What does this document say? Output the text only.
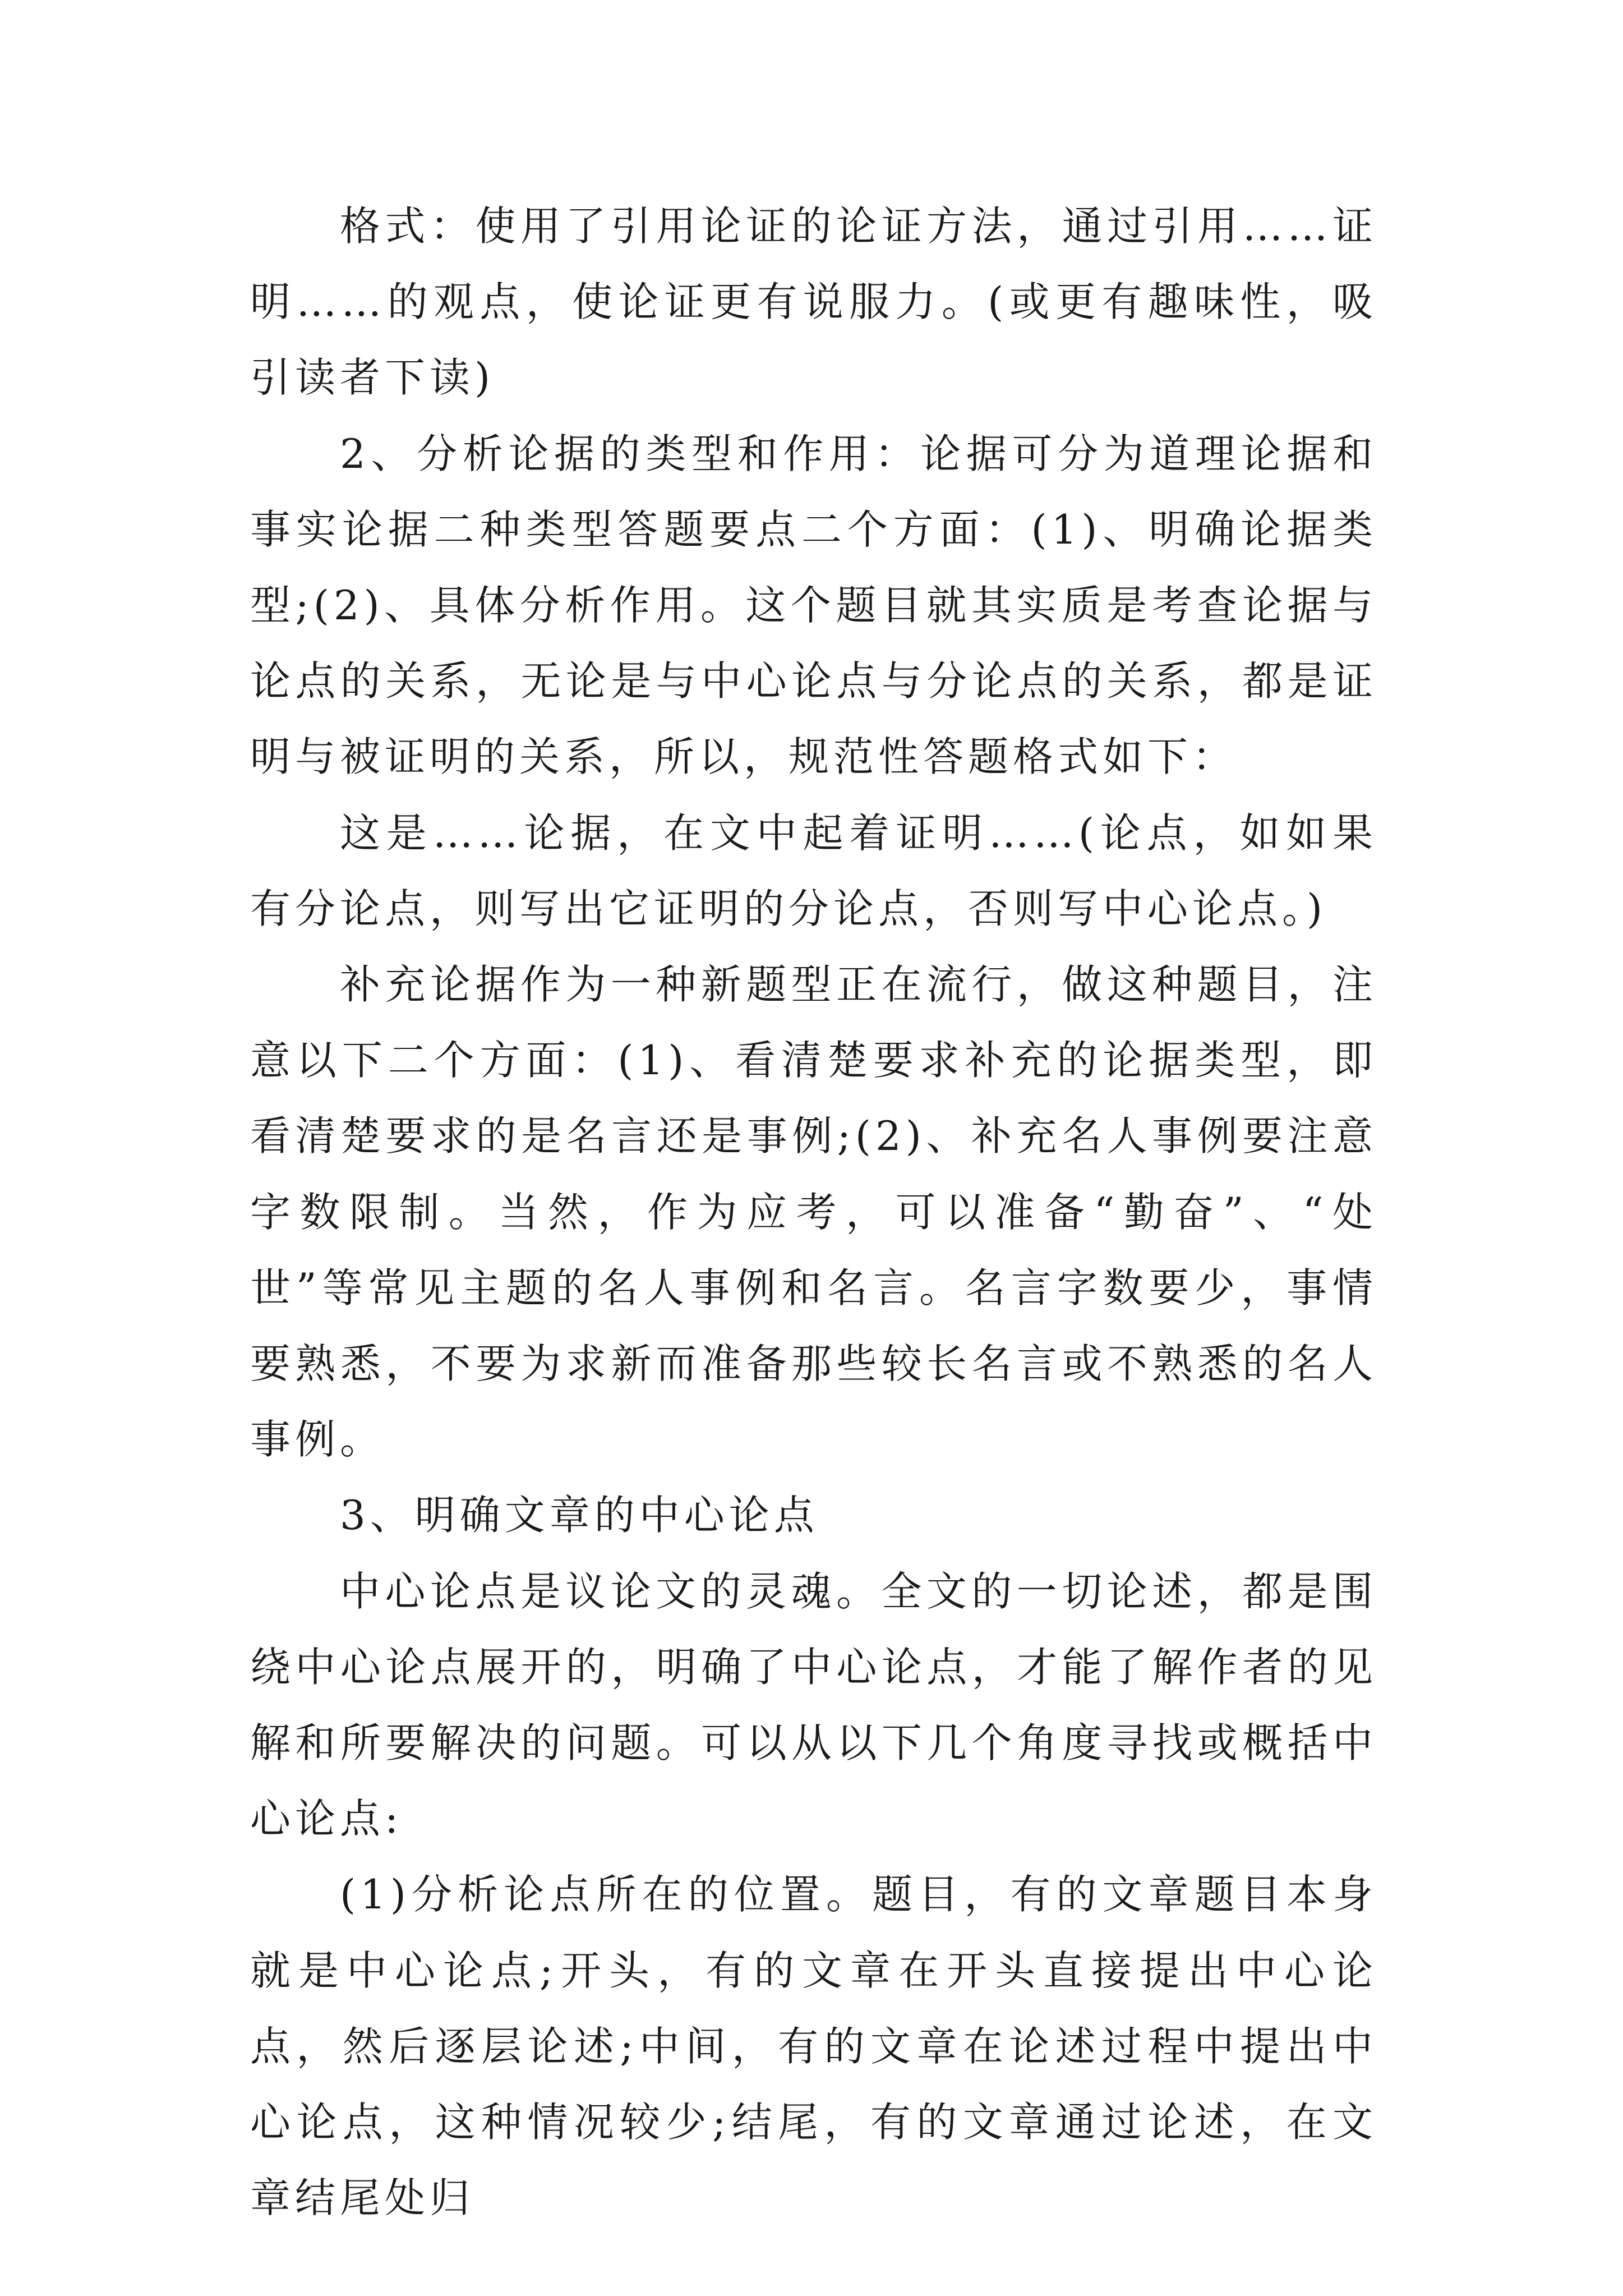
格式：使用了引用论证的论证方法，通过引用……证明……的观点，使论证更有说服力。(或更有趣味性，吸引读者下读)

2、分析论据的类型和作用：论据可分为道理论据和事实论据二种类型答题要点二个方面：(1)、明确论据类型;(2)、具体分析作用。这个题目就其实质是考查论据与论点的关系，无论是与中心论点与分论点的关系，都是证明与被证明的关系，所以，规范性答题格式如下：

这是……论据，在文中起着证明……(论点，如如果有分论点，则写出它证明的分论点，否则写中心论点。)

补充论据作为一种新题型正在流行，做这种题目，注意以下二个方面：(1)、看清楚要求补充的论据类型，即看清楚要求的是名言还是事例;(2)、补充名人事例要注意字数限制。当然，作为应考，可以准备“勤奋”、“处世”等常见主题的名人事例和名言。名言字数要少，事情要熟悉，不要为求新而准备那些较长名言或不熟悉的名人事例。

3、明确文章的中心论点

中心论点是议论文的灵魂。全文的一切论述，都是围绕中心论点展开的，明确了中心论点，才能了解作者的见解和所要解决的问题。可以从以下几个角度寻找或概括中心论点:

(1)分析论点所在的位置。题目，有的文章题目本身就是中心论点;开头，有的文章在开头直接提出中心论点，然后逐层论述;中间，有的文章在论述过程中提出中心论点，这种情况较少;结尾，有的文章通过论述，在文章结尾处归
